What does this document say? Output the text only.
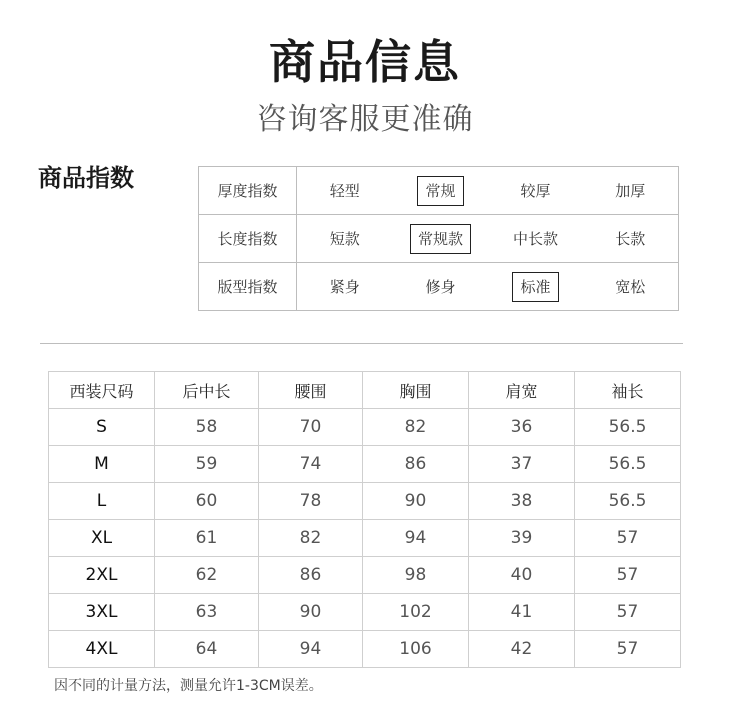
商品信息
咨询客服更准确
商品指数	厚度指数	轻型	常规	较厚	加厚
长度指数	短款	常规款	中长款	长款
版型指数	紧身	修身	标准	宽松
西装尺码	后中长	腰围	胸围	肩宽	袖长
S	58	70	82	36	56.5
M	59	74	86	37	56.5
L	60	78	90	38	56.5
XL	61	82	94	39	57
2XL	62	86	98	40	57
3XL	63	90	102	41	57
4XL	64	94	106	42	57
因不同的计量方法，测量允许1-3CM误差。
